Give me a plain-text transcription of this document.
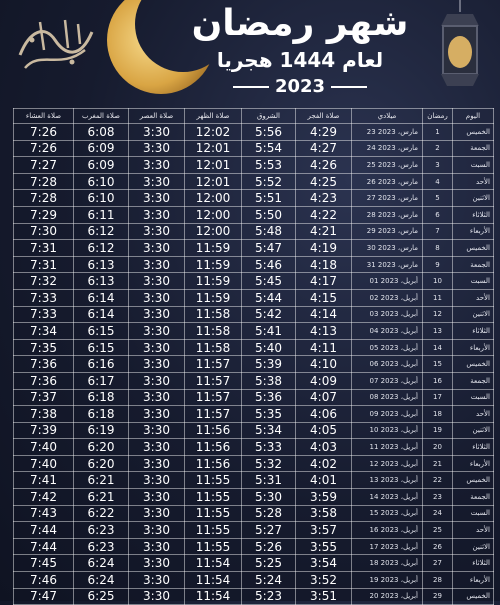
شهر رمضان
لعام 1444 هجريا
2023
صلاة العشاء	صلاة المغرب	صلاة العصر	صلاة الظهر	الشروق	صلاة الفجر	ميلادي	رمضان	اليوم
7:26	6:08	3:30	12:02	5:56	4:29	23 مارس، 2023	1	الخميس
7:26	6:09	3:30	12:01	5:54	4:27	24 مارس، 2023	2	الجمعة
7:27	6:09	3:30	12:01	5:53	4:26	25 مارس، 2023	3	السبت
7:28	6:10	3:30	12:01	5:52	4:25	26 مارس، 2023	4	الأحد
7:28	6:10	3:30	12:00	5:51	4:23	27 مارس، 2023	5	الاثنين
7:29	6:11	3:30	12:00	5:50	4:22	28 مارس، 2023	6	الثلاثاء
7:30	6:12	3:30	12:00	5:48	4:21	29 مارس، 2023	7	الأربعاء
7:31	6:12	3:30	11:59	5:47	4:19	30 مارس، 2023	8	الخميس
7:31	6:13	3:30	11:59	5:46	4:18	31 مارس، 2023	9	الجمعة
7:32	6:13	3:30	11:59	5:45	4:17	01 أبريل، 2023	10	السبت
7:33	6:14	3:30	11:59	5:44	4:15	02 أبريل، 2023	11	الأحد
7:33	6:14	3:30	11:58	5:42	4:14	03 أبريل، 2023	12	الاثنين
7:34	6:15	3:30	11:58	5:41	4:13	04 أبريل، 2023	13	الثلاثاء
7:35	6:15	3:30	11:58	5:40	4:11	05 أبريل، 2023	14	الأربعاء
7:36	6:16	3:30	11:57	5:39	4:10	06 أبريل، 2023	15	الخميس
7:36	6:17	3:30	11:57	5:38	4:09	07 أبريل، 2023	16	الجمعة
7:37	6:18	3:30	11:57	5:36	4:07	08 أبريل، 2023	17	السبت
7:38	6:18	3:30	11:57	5:35	4:06	09 أبريل، 2023	18	الأحد
7:39	6:19	3:30	11:56	5:34	4:05	10 أبريل، 2023	19	الاثنين
7:40	6:20	3:30	11:56	5:33	4:03	11 أبريل، 2023	20	الثلاثاء
7:40	6:20	3:30	11:56	5:32	4:02	12 أبريل، 2023	21	الأربعاء
7:41	6:21	3:30	11:55	5:31	4:01	13 أبريل، 2023	22	الخميس
7:42	6:21	3:30	11:55	5:30	3:59	14 أبريل، 2023	23	الجمعة
7:43	6:22	3:30	11:55	5:28	3:58	15 أبريل، 2023	24	السبت
7:44	6:23	3:30	11:55	5:27	3:57	16 أبريل، 2023	25	الأحد
7:44	6:23	3:30	11:55	5:26	3:55	17 أبريل، 2023	26	الاثنين
7:45	6:24	3:30	11:54	5:25	3:54	18 أبريل، 2023	27	الثلاثاء
7:46	6:24	3:30	11:54	5:24	3:52	19 أبريل، 2023	28	الأربعاء
7:47	6:25	3:30	11:54	5:23	3:51	20 أبريل، 2023	29	الخميس
